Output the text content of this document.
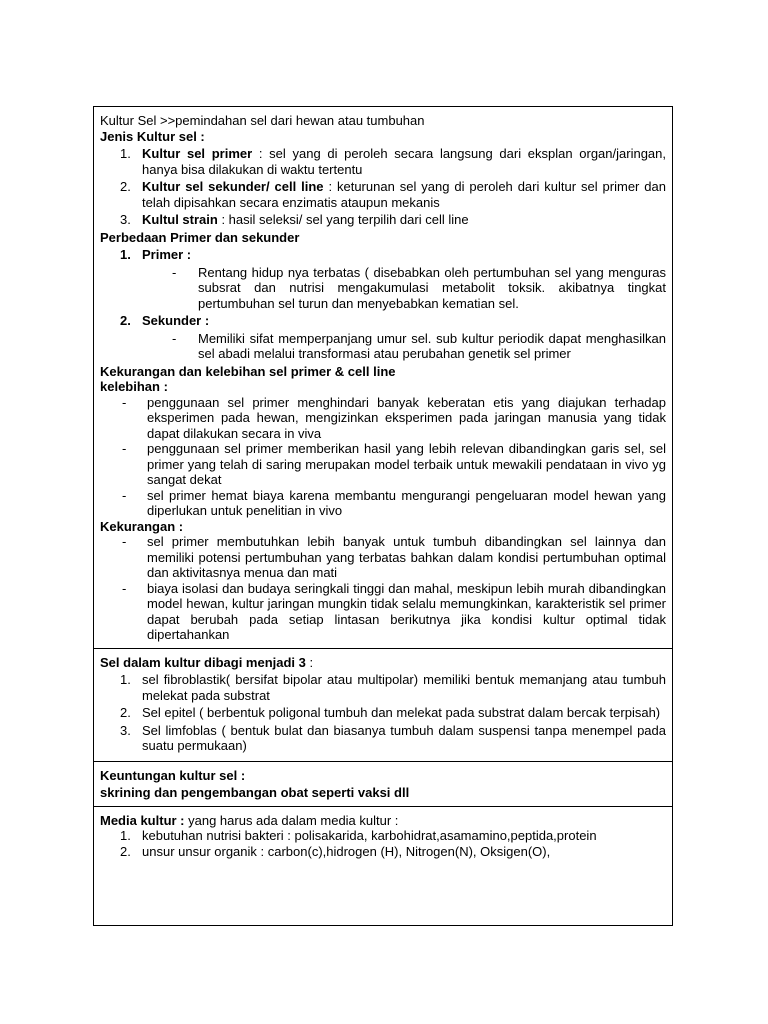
Kultur Sel >>pemindahan sel dari hewan atau tumbuhan

Jenis Kultur sel :

1. Kultur sel primer : sel yang di peroleh secara langsung dari eksplan organ/jaringan, hanya bisa dilakukan di waktu tertentu
2. Kultur sel sekunder/ cell line : keturunan sel yang di peroleh dari kultur sel primer dan telah dipisahkan secara enzimatis ataupun mekanis
3. Kultul strain : hasil seleksi/ sel yang terpilih dari cell line

Perbedaan Primer dan sekunder

1. Primer :
-	Rentang hidup nya terbatas ( disebabkan oleh pertumbuhan sel yang menguras subsrat dan nutrisi mengakumulasi metabolit toksik. akibatnya tingkat pertumbuhan sel turun dan menyebabkan kematian sel.
2. Sekunder :
-	Memiliki sifat memperpanjang umur sel. sub kultur periodik dapat menghasilkan sel abadi melalui transformasi atau perubahan genetik sel primer

Kekurangan dan kelebihan sel primer & cell line

kelebihan :

-	penggunaan sel primer menghindari banyak keberatan etis yang diajukan terhadap eksperimen pada hewan, mengizinkan eksperimen pada jaringan manusia yang tidak dapat dilakukan secara in viva
-	penggunaan sel primer memberikan hasil yang lebih relevan dibandingkan garis sel, sel primer yang telah di saring merupakan model terbaik untuk mewakili pendataan in vivo yg sangat dekat
-	sel primer hemat biaya karena membantu mengurangi pengeluaran model hewan yang diperlukan untuk penelitian in vivo

Kekurangan :

-	sel primer membutuhkan lebih banyak untuk tumbuh dibandingkan sel lainnya dan memiliki potensi pertumbuhan yang terbatas bahkan dalam kondisi pertumbuhan optimal dan aktivitasnya menua dan mati
-	biaya isolasi dan budaya seringkali tinggi dan mahal, meskipun lebih murah dibandingkan model hewan, kultur jaringan mungkin tidak selalu memungkinkan, karakteristik sel primer dapat berubah pada setiap lintasan berikutnya jika kondisi kultur optimal tidak dipertahankan

Sel dalam kultur dibagi menjadi 3 :

1. sel fibroblastik( bersifat bipolar atau multipolar) memiliki bentuk memanjang atau tumbuh melekat pada substrat
2. Sel epitel ( berbentuk poligonal tumbuh dan melekat pada substrat dalam bercak terpisah)
3. Sel limfoblas ( bentuk bulat dan biasanya tumbuh dalam suspensi tanpa menempel pada suatu permukaan)

Keuntungan kultur sel :

skrining dan pengembangan obat seperti vaksi dll

Media kultur : yang harus ada dalam media kultur :

1. kebutuhan nutrisi bakteri : polisakarida, karbohidrat,asamamino,peptida,protein
2. unsur unsur organik : carbon(c),hidrogen (H), Nitrogen(N), Oksigen(O),
